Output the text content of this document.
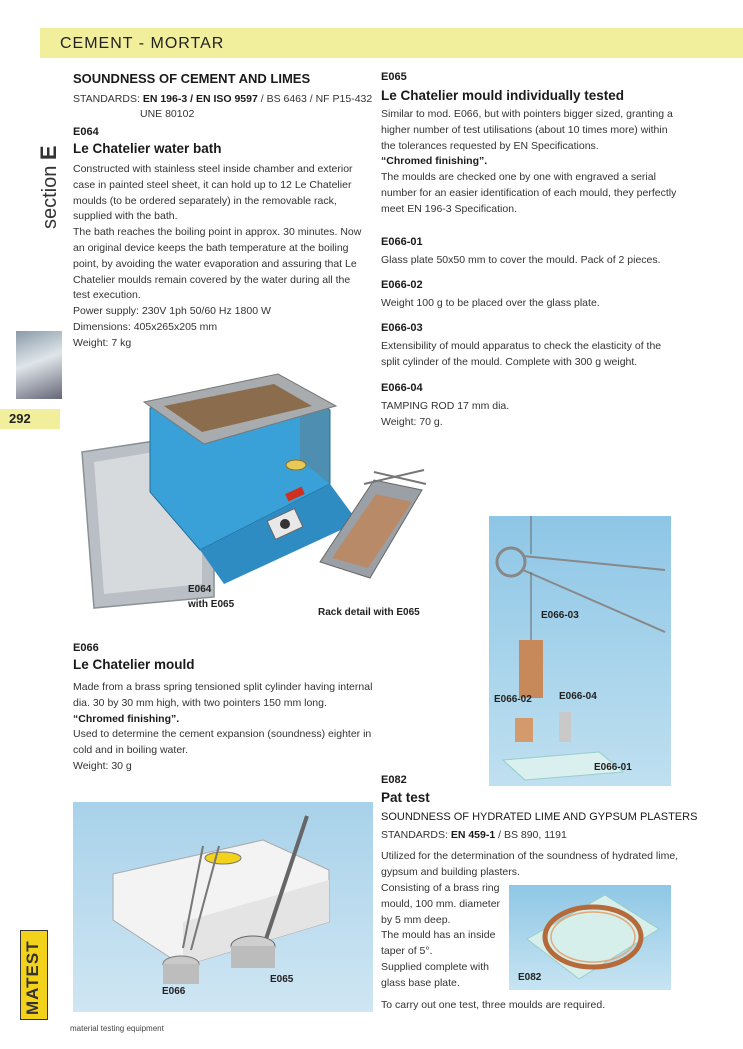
CEMENT - MORTAR
section E
292
MATEST
material testing equipment
SOUNDNESS OF CEMENT AND LIMES
STANDARDS: EN 196-3 / EN ISO 9597 / BS 6463 / NF P15-432
UNE 80102
E064
Le Chatelier water bath

Constructed with stainless steel inside chamber and exterior case in painted steel sheet, it can hold up to 12 Le Chatelier moulds (to be ordered separately) in the removable rack, supplied with the bath.

The bath reaches the boiling point in approx. 30 minutes. Now an original device keeps the bath temperature at the boiling point, by avoiding the water evaporation and assuring that Le Chatelier moulds remain covered by the water during all the test execution.

Power supply: 230V 1ph 50/60 Hz 1800 W

Dimensions: 405x265x205 mm

Weight: 7 kg

E065
Le Chatelier mould individually tested

Similar to mod. E066, but with pointers bigger sized, granting a higher number of test utilisations (about 10 times more) within the tolerances requested by EN Specifications.

“Chromed finishing”.

The moulds are checked one by one with engraved a serial number for an easier identification of each mould, they perfectly meet EN 196-3 Specification.

E066-01
Glass plate 50x50 mm to cover the mould. Pack of 2 pieces.
E066-02
Weight 100 g to be placed over the glass plate.
E066-03
Extensibility of mould apparatus to check the elasticity of the split cylinder of the mould. Complete with 300 g weight.
E066-04

TAMPING ROD 17 mm dia.

Weight: 70 g.

E064
with E065
Rack detail with E065	E066-03
E066-02	E066-04
E066-01
E066
Le Chatelier mould

Made from a brass spring tensioned split cylinder having internal dia. 30 by 30 mm high, with two pointers 150 mm long.

“Chromed finishing”.

Used to determine the cement expansion (soundness) eighter in cold and in boiling water.

Weight: 30 g

E066
E065
E082
Pat test
SOUNDNESS OF HYDRATED LIME AND GYPSUM PLASTERS
STANDARDS: EN 459-1 / BS 890, 1191
Utilized for the determination of the soundness of hydrated lime, gypsum and building plasters.

Consisting of a brass ring

mould, 100 mm. diameter

by 5 mm deep.

The mould has an inside

taper of 5°.

Supplied complete with

glass base plate.

To carry out one test, three moulds are required.
E082
